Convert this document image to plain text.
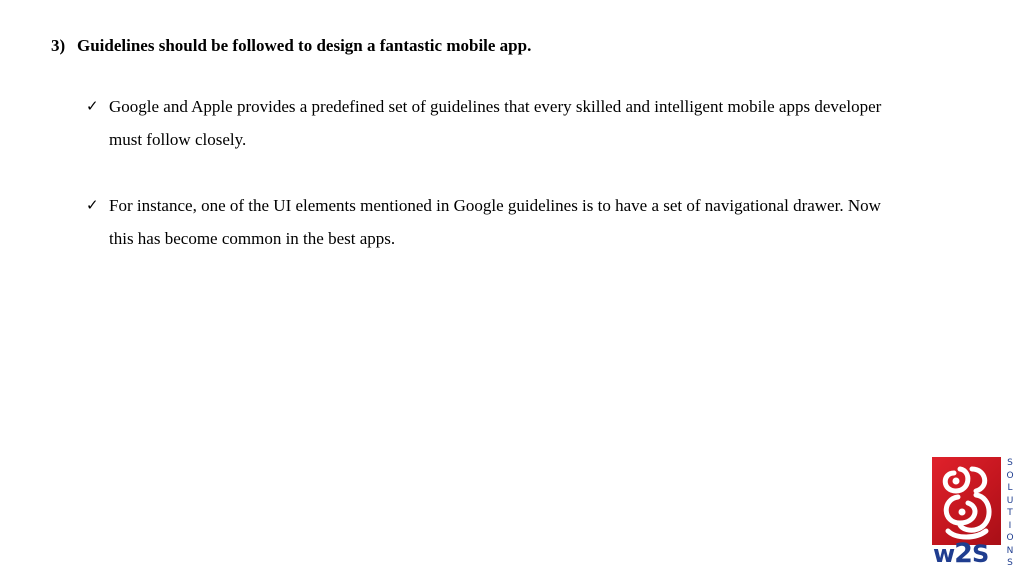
3) Guidelines should be followed to design a fantastic mobile app.
✓ Google and Apple provides a predefined set of guidelines that every skilled and intelligent mobile apps developer must follow closely.
✓ For instance, one of the UI elements mentioned in Google guidelines is to have a set of navigational drawer. Now this has become common in the best apps.
w2S
S
O
L
U
T
I
O
N
S
